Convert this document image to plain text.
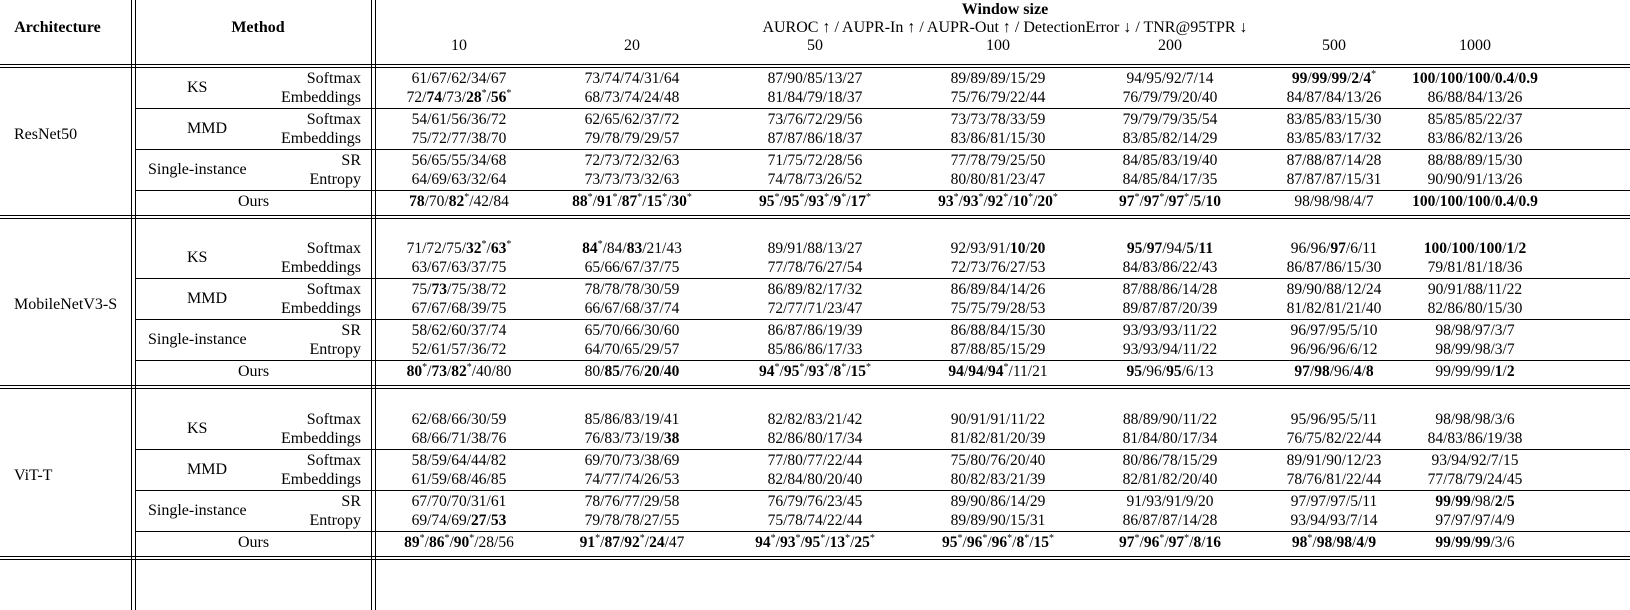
Architecture	Method
Window size
AUROC ↑ / AUPR-In ↑ / AUPR-Out ↑ / DetectionError ↓ / TNR@95TPR ↓
10	20	50	100	200	500	1000
ResNet50
KS
Softmax	61/67/62/34/67	73/74/74/31/64	87/90/85/13/27	89/89/89/15/29	94/95/92/7/14	99/99/99/2/4*	100/100/100/0.4/0.9
Embeddings	72/74/73/28*/56*	68/73/74/24/48	81/84/79/18/37	75/76/79/22/44	76/79/79/20/40	84/87/84/13/26	86/88/84/13/26
MMD
Softmax	54/61/56/36/72	62/65/62/37/72	73/76/72/29/56	73/73/78/33/59	79/79/79/35/54	83/85/83/15/30	85/85/85/22/37
Embeddings	75/72/77/38/70	79/78/79/29/57	87/87/86/18/37	83/86/81/15/30	83/85/82/14/29	83/85/83/17/32	83/86/82/13/26
Single-instance
SR	56/65/55/34/68	72/73/72/32/63	71/75/72/28/56	77/78/79/25/50	84/85/83/19/40	87/88/87/14/28	88/88/89/15/30
Entropy	64/69/63/32/64	73/73/73/32/63	74/78/73/26/52	80/80/81/23/47	84/85/84/17/35	87/87/87/15/31	90/90/91/13/26
Ours	78/70/82*/42/84	88*/91*/87*/15*/30*	95*/95*/93*/9*/17*	93*/93*/92*/10*/20*	97*/97*/97*/5/10	98/98/98/4/7	100/100/100/0.4/0.9
MobileNetV3-S
KS
Softmax	71/72/75/32*/63*	84*/84/83/21/43	89/91/88/13/27	92/93/91/10/20	95/97/94/5/11	96/96/97/6/11	100/100/100/1/2
Embeddings	63/67/63/37/75	65/66/67/37/75	77/78/76/27/54	72/73/76/27/53	84/83/86/22/43	86/87/86/15/30	79/81/81/18/36
MMD
Softmax	75/73/75/38/72	78/78/78/30/59	86/89/82/17/32	86/89/84/14/26	87/88/86/14/28	89/90/88/12/24	90/91/88/11/22
Embeddings	67/67/68/39/75	66/67/68/37/74	72/77/71/23/47	75/75/79/28/53	89/87/87/20/39	81/82/81/21/40	82/86/80/15/30
Single-instance
SR	58/62/60/37/74	65/70/66/30/60	86/87/86/19/39	86/88/84/15/30	93/93/93/11/22	96/97/95/5/10	98/98/97/3/7
Entropy	52/61/57/36/72	64/70/65/29/57	85/86/86/17/33	87/88/85/15/29	93/93/94/11/22	96/96/96/6/12	98/99/98/3/7
Ours	80*/73/82*/40/80	80/85/76/20/40	94*/95*/93*/8*/15*	94/94/94*/11/21	95/96/95/6/13	97/98/96/4/8	99/99/99/1/2
ViT-T
KS
Softmax	62/68/66/30/59	85/86/83/19/41	82/82/83/21/42	90/91/91/11/22	88/89/90/11/22	95/96/95/5/11	98/98/98/3/6
Embeddings	68/66/71/38/76	76/83/73/19/38	82/86/80/17/34	81/82/81/20/39	81/84/80/17/34	76/75/82/22/44	84/83/86/19/38
MMD
Softmax	58/59/64/44/82	69/70/73/38/69	77/80/77/22/44	75/80/76/20/40	80/86/78/15/29	89/91/90/12/23	93/94/92/7/15
Embeddings	61/59/68/46/85	74/77/74/26/53	82/84/80/20/40	80/82/83/21/39	82/81/82/20/40	78/76/81/22/44	77/78/79/24/45
Single-instance
SR	67/70/70/31/61	78/76/77/29/58	76/79/76/23/45	89/90/86/14/29	91/93/91/9/20	97/97/97/5/11	99/99/98/2/5
Entropy	69/74/69/27/53	79/78/78/27/55	75/78/74/22/44	89/89/90/15/31	86/87/87/14/28	93/94/93/7/14	97/97/97/4/9
Ours	89*/86*/90*/28/56	91*/87/92*/24/47	94*/93*/95*/13*/25*	95*/96*/96*/8*/15*	97*/96*/97*/8/16	98*/98/98/4/9	99/99/99/3/6
